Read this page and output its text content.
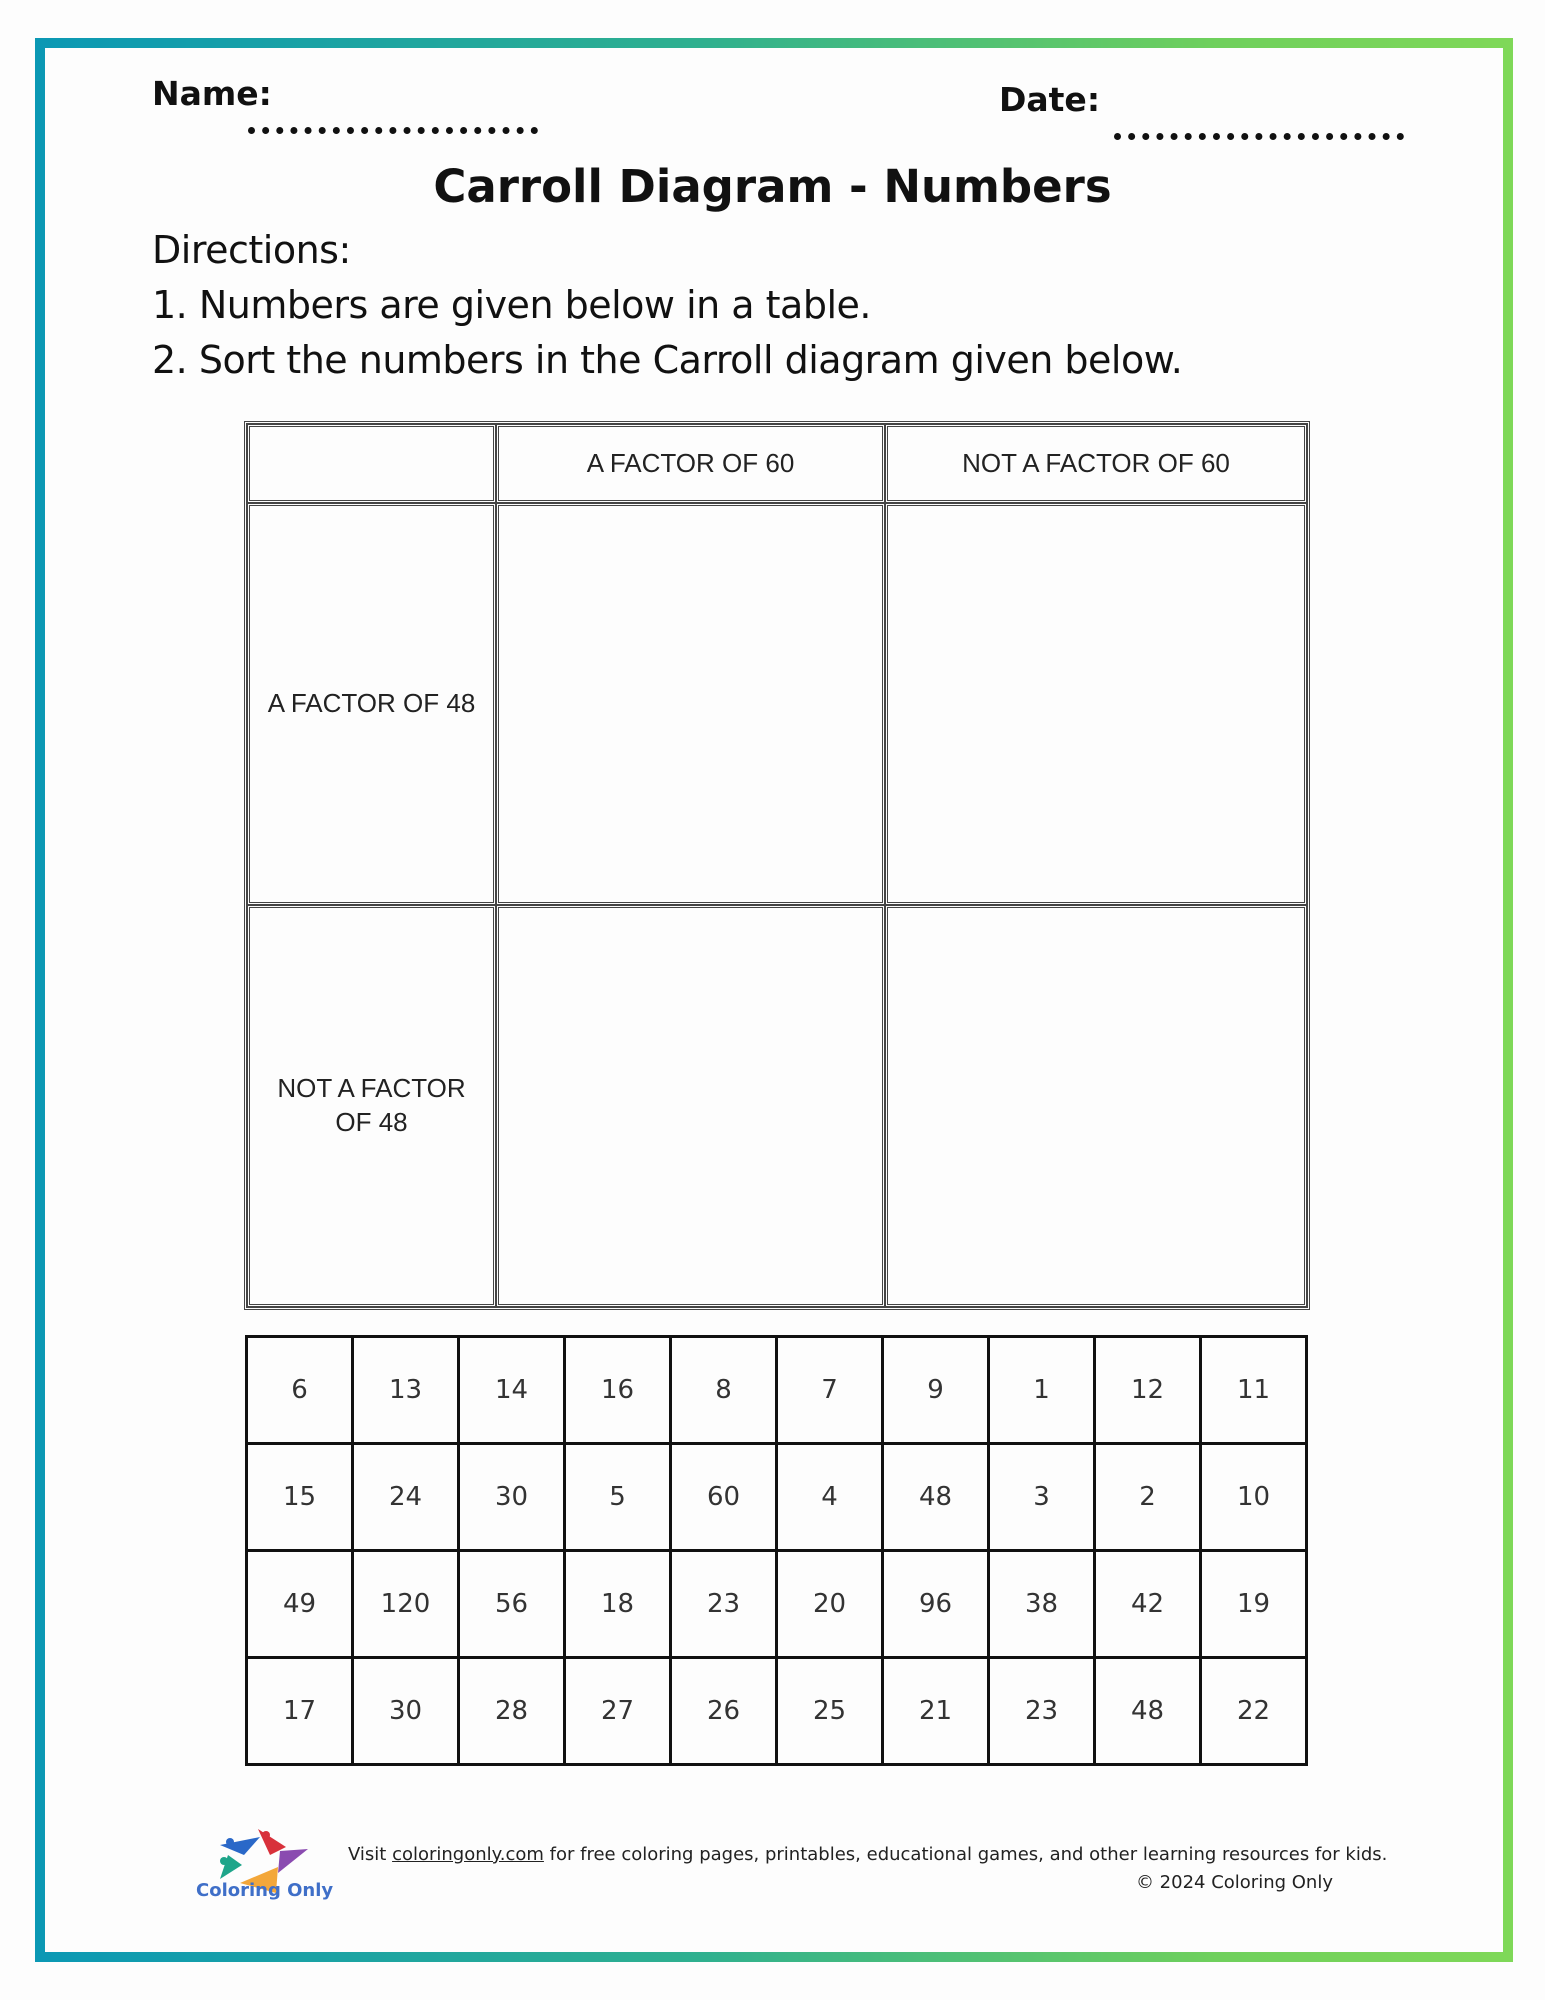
Name:	Date:
Carroll Diagram - Numbers
Directions:
1. Numbers are given below in a table.
2. Sort the numbers in the Carroll diagram given below.
A FACTOR OF 60	NOT A FACTOR OF 60
A FACTOR OF 48
NOT A FACTOR OF 48
6	13	14	16	8	7	9	1	12	11
15	24	30	5	60	4	48	3	2	10
49	120	56	18	23	20	96	38	42	19
17	30	28	27	26	25	21	23	48	22
Coloring Only
Visit coloringonly.com for free coloring pages, printables, educational games, and other learning resources for kids.
© 2024 Coloring Only
